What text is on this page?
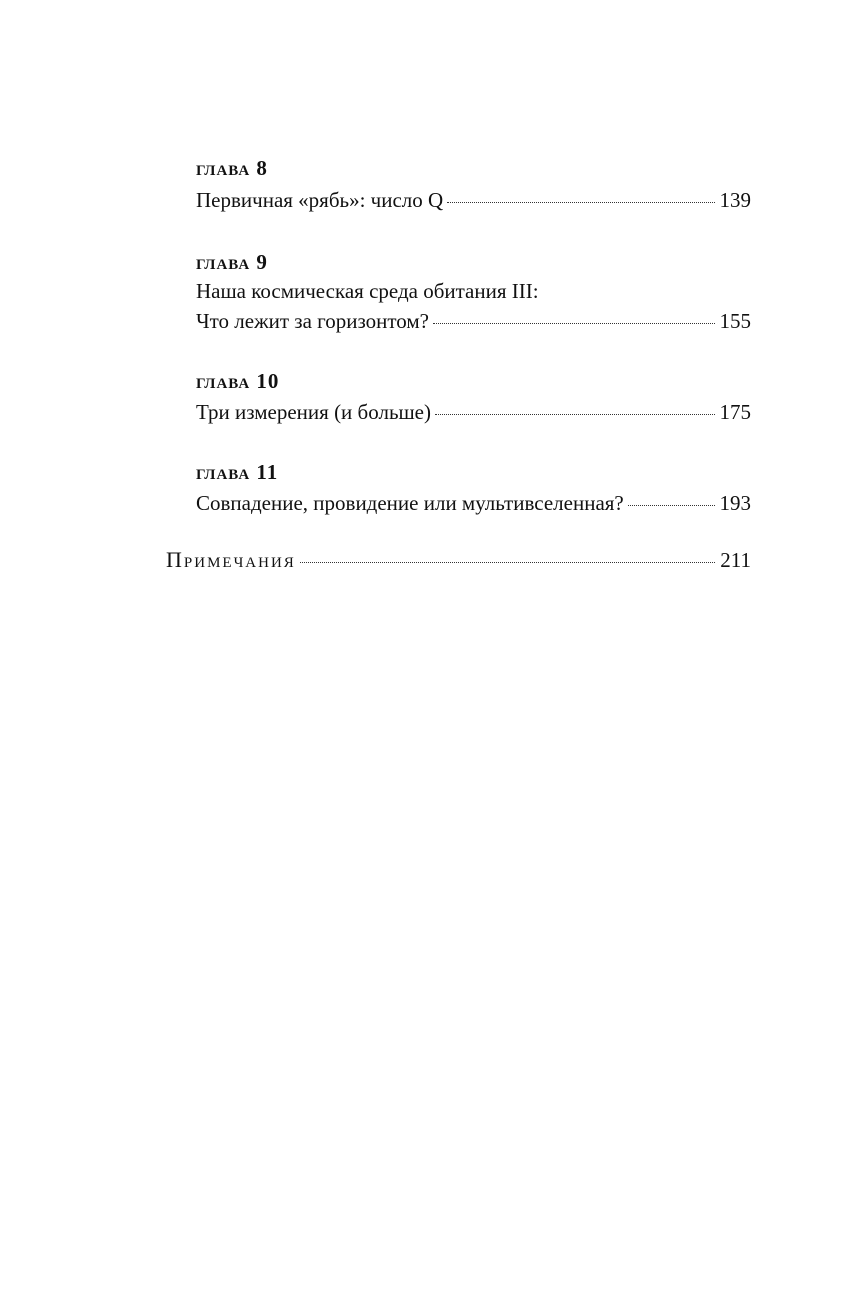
глава 8
Первичная «рябь»: число Q	139
глава 9
Наша космическая среда обитания III:
Что лежит за горизонтом?	155
глава 10
Три измерения (и больше)	175
глава 11
Совпадение, провидение или мультивселенная?	193
Примечания	211
